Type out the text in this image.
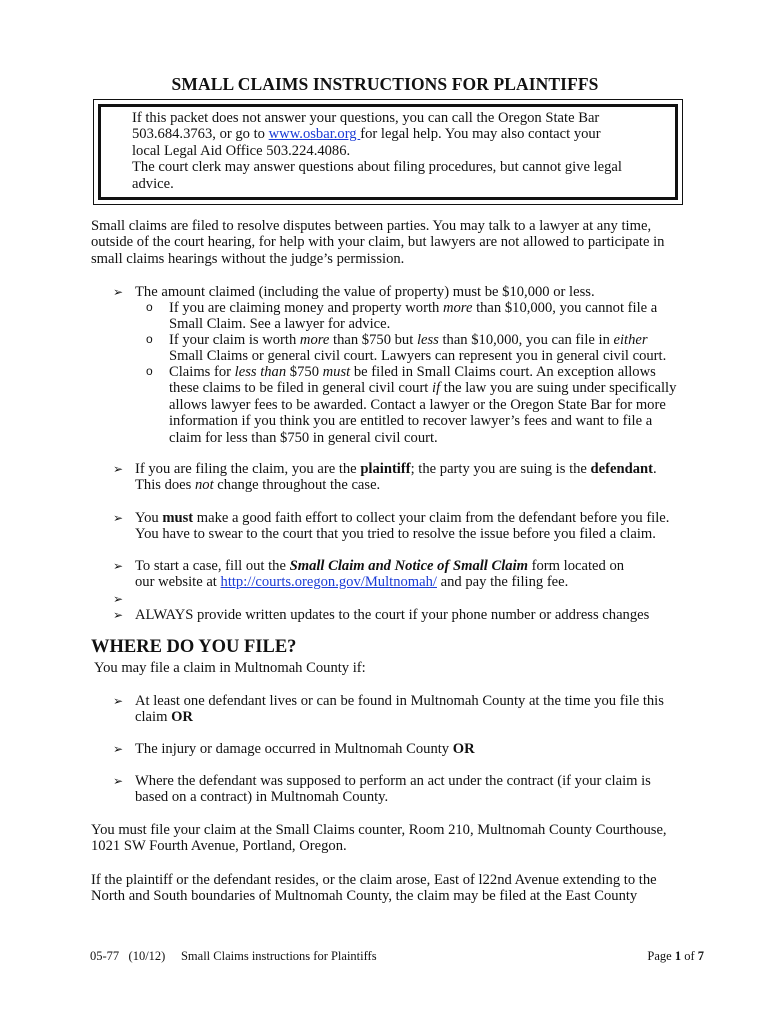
SMALL CLAIMS INSTRUCTIONS FOR PLAINTIFFS

If this packet does not answer your questions, you can call the Oregon State Bar

503.684.3763, or go to www.osbar.org for legal help. You may also contact your

local Legal Aid Office 503.224.4086.

The court clerk may answer questions about filing procedures, but cannot give legal

advice.

Small claims are filed to resolve disputes between parties. You may talk to a lawyer at any time,
outside of the court hearing, for help with your claim, but lawyers are not allowed to participate in
small claims hearings without the judge’s permission.
➢ The amount claimed (including the value of property) must be $10,000 or less.
o If you are claiming money and property worth more than $10,000, you cannot file a
Small Claim. See a lawyer for advice.
o If your claim is worth more than $750 but less than $10,000, you can file in either
Small Claims or general civil court. Lawyers can represent you in general civil court.
o Claims for less than $750 must be filed in Small Claims court. An exception allows
these claims to be filed in general civil court if the law you are suing under specifically
allows lawyer fees to be awarded. Contact a lawyer or the Oregon State Bar for more
information if you think you are entitled to recover lawyer’s fees and want to file a
claim for less than $750 in general civil court.
➢ If you are filing the claim, you are the plaintiff; the party you are suing is the defendant.
This does not change throughout the case.
➢ You must make a good faith effort to collect your claim from the defendant before you file.
You have to swear to the court that you tried to resolve the issue before you filed a claim.
➢ To start a case, fill out the Small Claim and Notice of Small Claim form located on
our website at http://courts.oregon.gov/Multnomah/ and pay the filing fee.
➢
➢ ALWAYS provide written updates to the court if your phone number or address changes
WHERE DO YOU FILE?
You may file a claim in Multnomah County if:
➢ At least one defendant lives or can be found in Multnomah County at the time you file this
claim OR
➢ The injury or damage occurred in Multnomah County OR
➢ Where the defendant was supposed to perform an act under the contract (if your claim is
based on a contract) in Multnomah County.
You must file your claim at the Small Claims counter, Room 210, Multnomah County Courthouse,
1021 SW Fourth Avenue, Portland, Oregon.
If the plaintiff or the defendant resides, or the claim arose, East of l22nd Avenue extending to the
North and South boundaries of Multnomah County, the claim may be filed at the East County
05-77 (10/12) Small Claims instructions for Plaintiffs	Page 1 of 7
